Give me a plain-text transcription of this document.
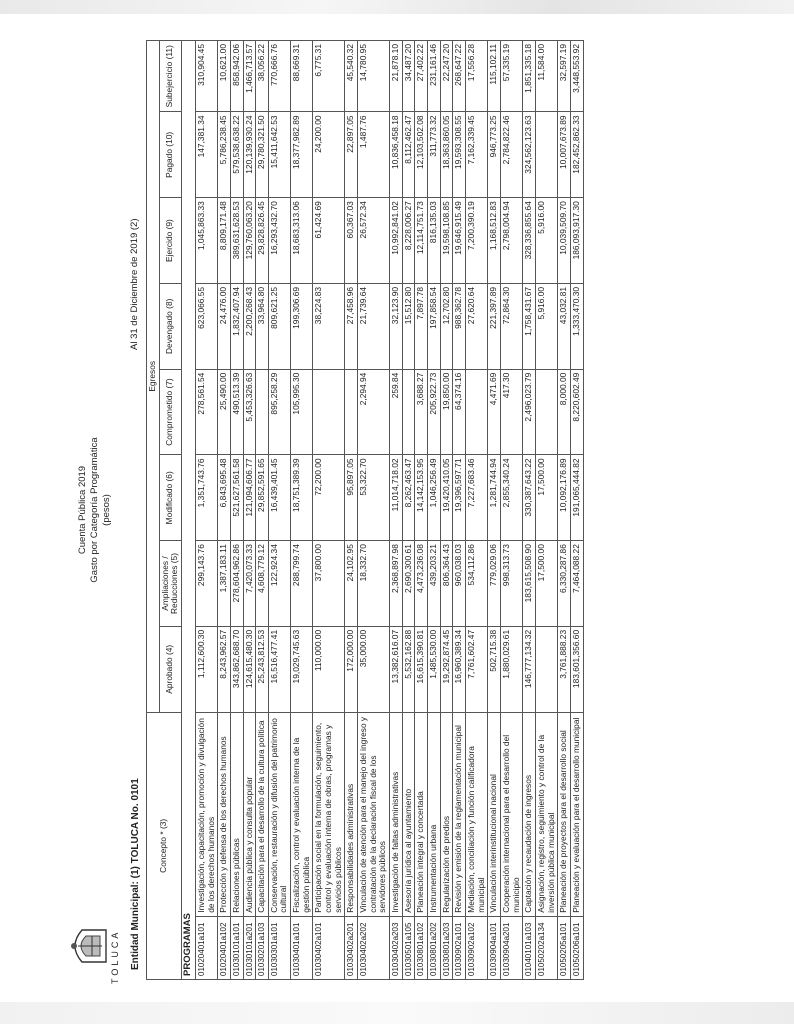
TOLUCA
Cuenta Pública 2019 Gasto por Categoría Programática (pesos)
Entidad Municipal: (1) TOLUCA No. 0101
Al 31 de Diciembre de 2019 (2)
Concepto * (3)		Egresos							
		Aprobado (4)	Ampliaciones / Reducciones (5)	Modificado (6)	Comprometido (7)	Devengado (8)	Ejercido (9)	Pagado (10)	Subejercicio (11)
PROGRAMAS									
01020401a101	Investigación, capacitación, promoción y divulgación de los derechos humanos	1,112,600.30	299,143.76	1,351,743.76	278,561.54	623,066.55	1,045,863.33	147,381.34	310,904.45
01020401a102	Protección y defensa de los derechos humanos	8,243,962.57	1,387,183.11	6,843,695.48	25,490.00	24,476.00	8,809,171.48	5,786,238.45	10,621.00
01030101a101	Relaciones públicas	343,862,688.70	278,604,962.86	521,627,561.58	490,513.39	1,832,407.94	389,631,628.53	579,538,638.22	858,942.06
01030101a201	Audiencia pública y consulta popular	124,615,480.30	7,420,073.33	121,094,606.77	5,453,326.63	2,200,268.43	129,760,063.20	120,139,930.24	1,466,713.57
01030201a103	Capacitación para el desarrollo de la cultura política	25,243,812.53	4,608,779.12	29,852,591.65		33,964.80	29,828,826.45	29,780,321.50	38,056.22
01030301a101	Conservación, restauración y difusión del patrimonio cultural	16,516,477.41	122,924.34	16,439,401.45	895,258.29	809,621.25	16,293,432.70	15,411,642.53	770,666.76
01030401a101	Fiscalización, control y evaluación interna de la gestión pública	19,029,745.63	288,799.74	18,751,389.39	105,995.30	199,306.69	18,683,313.06	18,377,982.89	88,669.31
01030402a101	Participación social en la formulación, seguimiento, control y evaluación interna de obras, programas y servicios públicos	110,000.00	37,800.00	72,200.00		38,224.83	61,424.69	24,200.00	6,775.31
01030402a201	Responsabilidades administrativas	172,000.00	24,102.95	95,897.05		27,458.96	60,367.03	22,897.05	45,540.32
01030402a202	Vinculación de atención para el manejo del ingreso y contratación de la declaración fiscal de los servidores públicos	35,000.00	18,332.70	53,322.70	2,294.94	21,739.64	26,572.34	1,487.76	14,780.95
01030402a203	Investigación de faltas administrativas	13,382,616.07	2,368,897.98	11,014,718.02	259.84	32,123.90	10,992,841.02	10,836,458.18	21,878.10
01030501a105	Asesoría jurídica al ayuntamiento	5,532,162.88	2,690,300.61	8,262,463.47		15,512.80	8,228,006.27	8,112,462.47	34,487.20
01030801a102	Planeación integral y concertada	16,615,390.81	4,473,236.08	14,142,153.95	3,688.27	7,897.78	12,114,751.73	12,103,502.08	27,402.22
01030801a202	Instrumentación urbana	1,485,530.00	439,203.21	1,046,256.49	205,922.73	197,858.54	816,135.03	311,773.32	231,161.46
01030801a203	Regularización de predios	19,292,874.45	806,364.43	19,420,410.05	19,850.00	12,702.80	19,598,108.85	18,363,860.05	22,247.20
01030902a101	Revisión y emisión de la reglamentación municipal	16,960,389.34	960,038.03	19,396,597.71	64,374.16	988,362.78	19,646,915.49	19,593,308.55	268,647.22
01030902a102	Mediación, conciliación y función calificadora municipal	7,761,602.47	534,112.86	7,227,683.46		27,620.64	7,200,390.19	7,162,339.45	17,556.28
01030904a101	Vinculación interinstitucional nacional	502,715.38	779,029.06	1,281,744.94	4,471.69	221,397.89	1,168,512.83	946,773.25	115,102.11
01030904a201	Cooperación internacional para el desarrollo del municipio	1,880,029.61	998,313.73	2,855,340.24	417.30	72,864.30	2,798,004.94	2,784,822.46	57,335.19
01040101a103	Captación y recaudación de ingresos	146,777,134.32	183,615,508.90	330,387,643.22	2,496,023.79	1,758,431.67	328,336,855.64	324,562,123.63	1,851,335.18
01050202a134	Asignación, registro, seguimiento y control de la inversión pública municipal		17,500.00	17,500.00		5,916.00	5,916.00		11,584.00
01050205a101	Planeación de proyectos para el desarrollo social	3,761,888.23	6,330,287.86	10,092,176.89	8,000.00	43,032.81	10,039,509.70	10,007,673.89	32,597.19
01050206a101	Planeación y evaluación para el desarrollo municipal	183,601,356.60	7,464,088.22	191,065,444.82	8,220,602.49	1,333,470.30	186,093,917.30	182,452,862.33	3,448,553.92
